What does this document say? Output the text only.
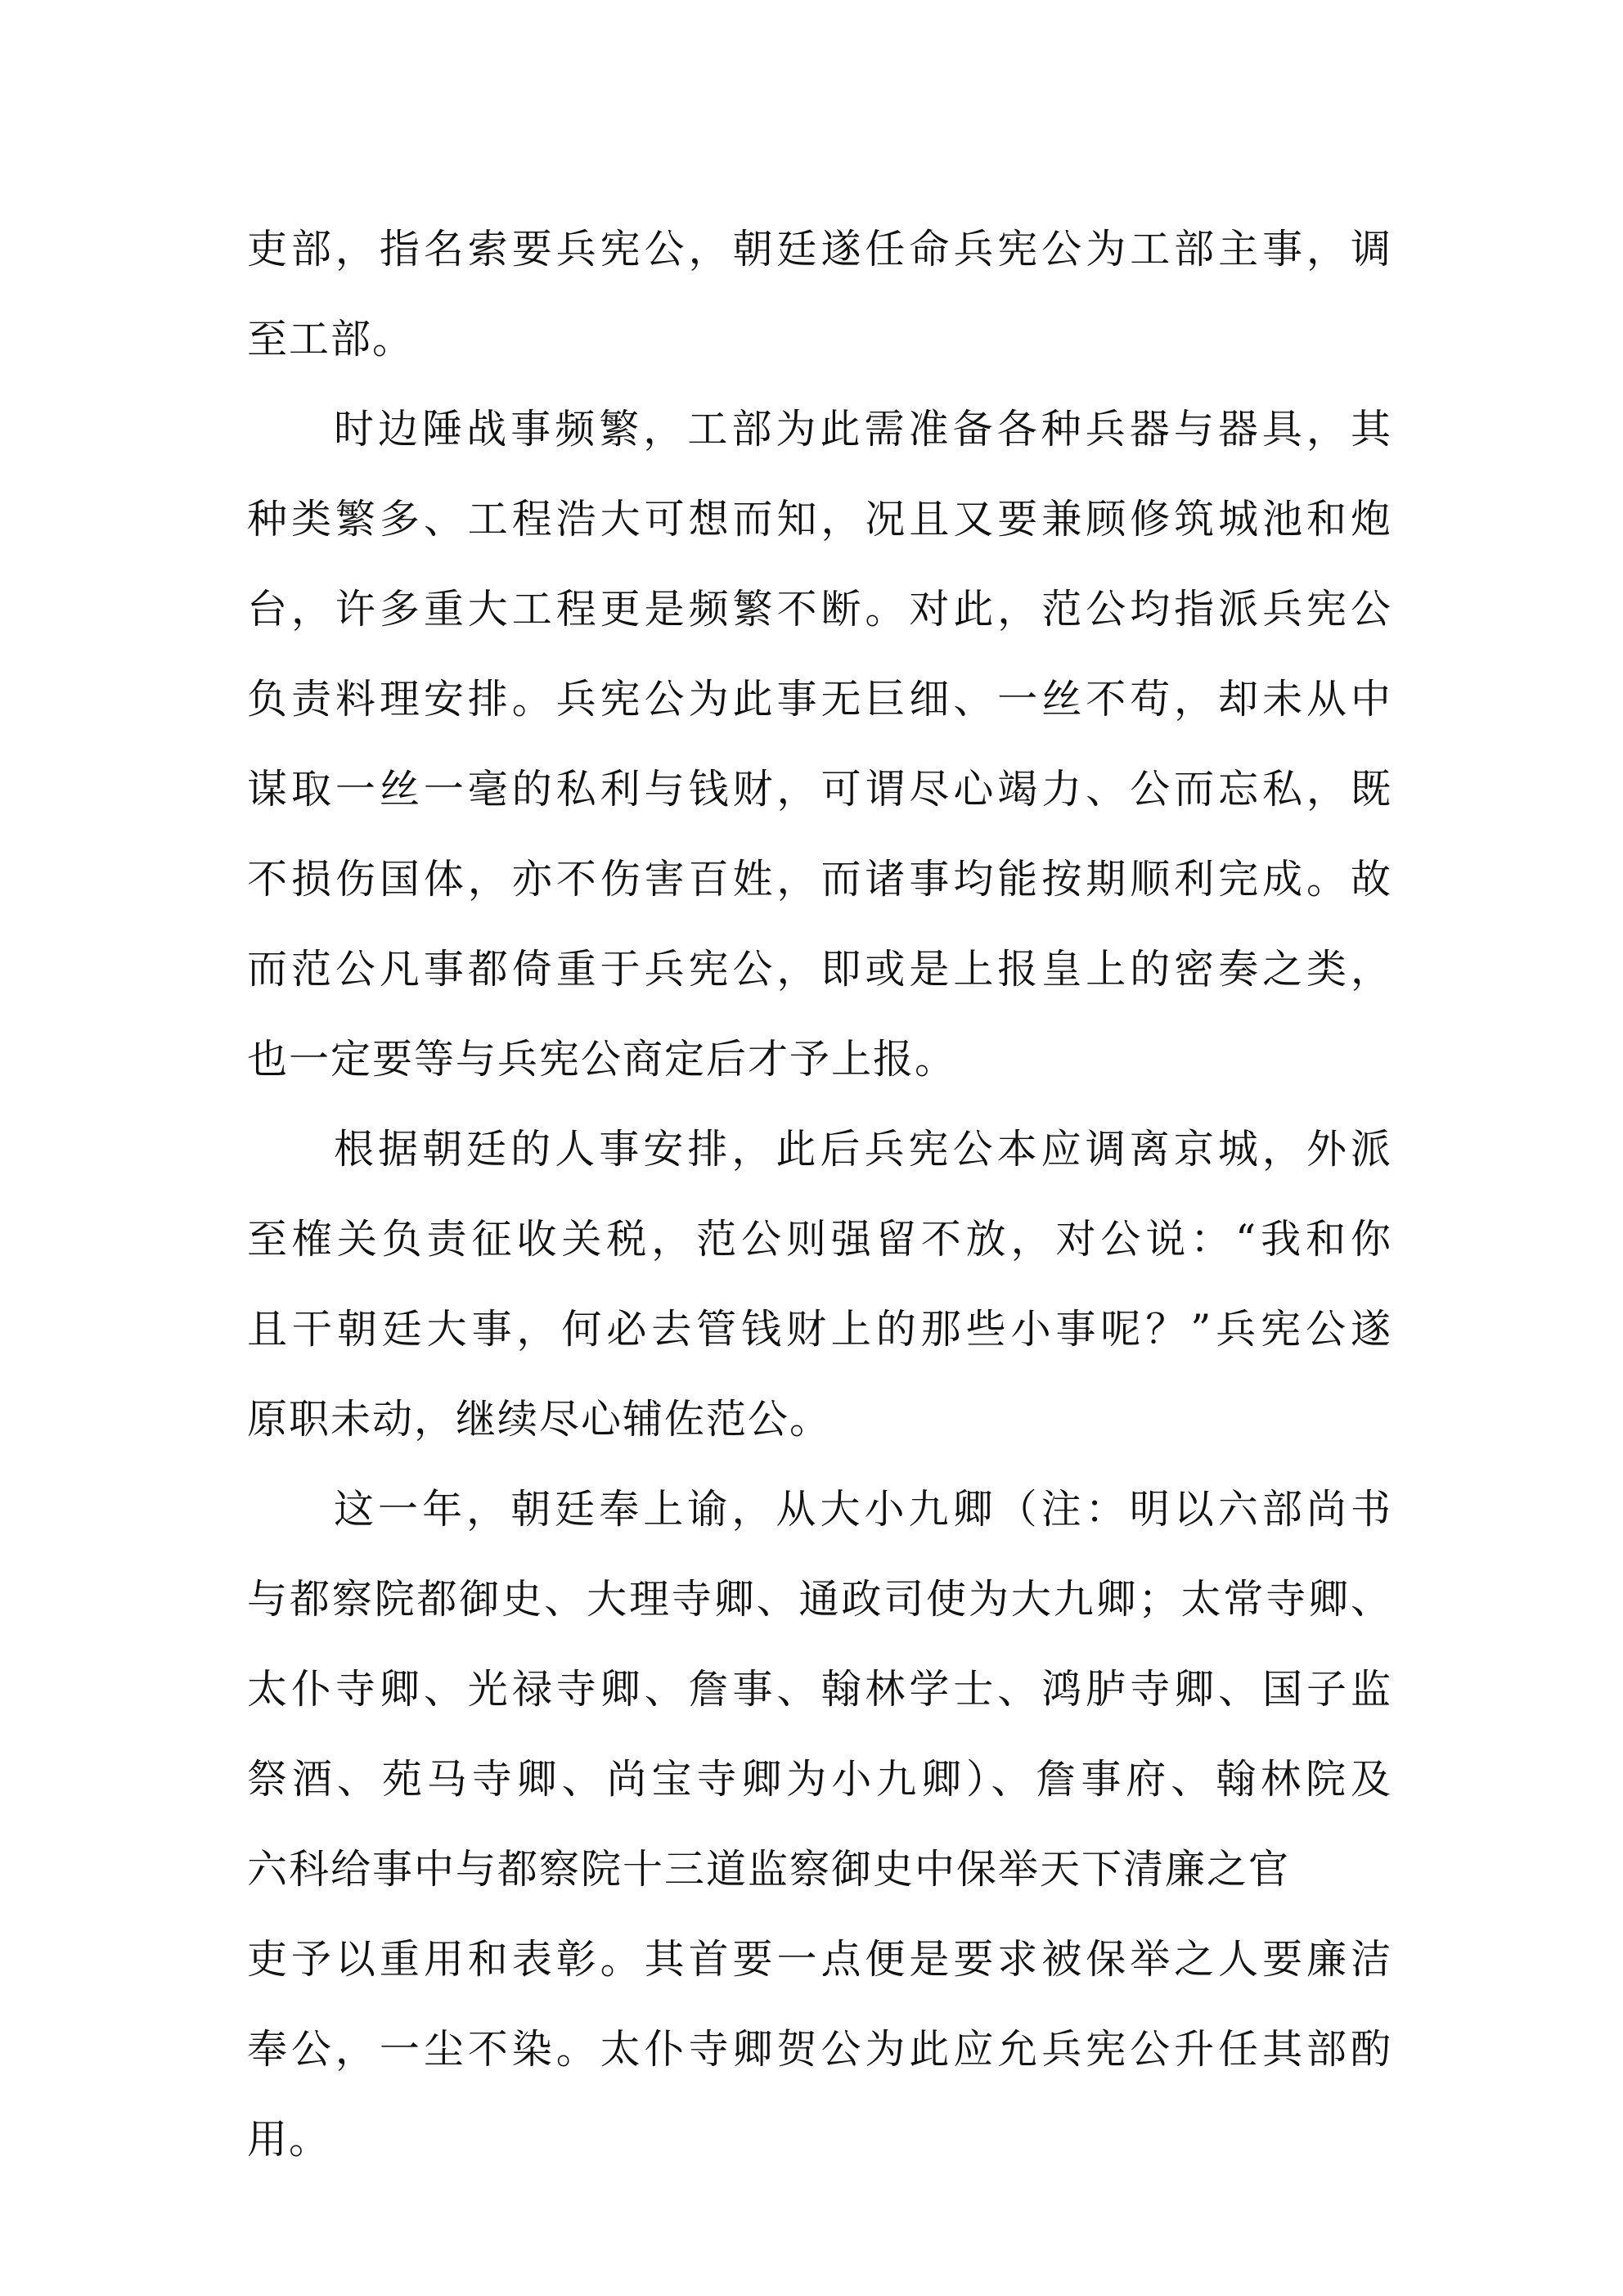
吏部，指名索要兵宪公，朝廷遂任命兵宪公为工部主事，调
至工部。
时边陲战事频繁，工部为此需准备各种兵器与器具，其
种类繁多、工程浩大可想而知，况且又要兼顾修筑城池和炮
台，许多重大工程更是频繁不断。对此，范公均指派兵宪公
负责料理安排。兵宪公为此事无巨细、一丝不苟，却未从中
谋取一丝一毫的私利与钱财，可谓尽心竭力、公而忘私，既
不损伤国体，亦不伤害百姓，而诸事均能按期顺利完成。故
而范公凡事都倚重于兵宪公，即或是上报皇上的密奏之类，
也一定要等与兵宪公商定后才予上报。
根据朝廷的人事安排，此后兵宪公本应调离京城，外派
至榷关负责征收关税，范公则强留不放，对公说：“我和你
且干朝廷大事，何必去管钱财上的那些小事呢？”兵宪公遂
原职未动，继续尽心辅佐范公。
这一年，朝廷奉上谕，从大小九卿（注：明以六部尚书
与都察院都御史、大理寺卿、通政司使为大九卿；太常寺卿、
太仆寺卿、光禄寺卿、詹事、翰林学士、鸿胪寺卿、国子监
祭酒、苑马寺卿、尚宝寺卿为小九卿）、詹事府、翰林院及
六科给事中与都察院十三道监察御史中保举天下清廉之官
吏予以重用和表彰。其首要一点便是要求被保举之人要廉洁
奉公，一尘不染。太仆寺卿贺公为此应允兵宪公升任其部酌
用。
